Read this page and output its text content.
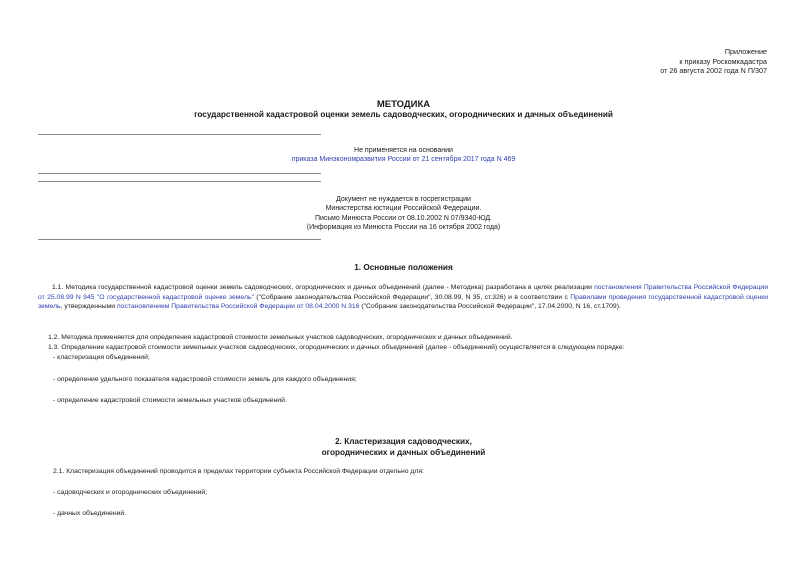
Приложение
к приказу Роскомкадастра
от 26 августа 2002 года N П/307
МЕТОДИКА
государственной кадастровой оценки земель садоводческих, огороднических и дачных объединений
Не применяется на основании
приказа Минэкономразвития России от 21 сентября 2017 года N 469
Документ не нуждается в госрегистрации
Министерства юстиции Российской Федерации.
Письмо Минюста России от 08.10.2002 N 07/9340-ЮД.
(Информация из Минюста России на 16 октября 2002 года)
1. Основные положения
1.1. Методика государственной кадастровой оценки земель садоводческих, огороднических и дачных объединений (далее - Методика) разработана в целях реализации постановления Правительства Российской Федерации от 25.08.99 N 945 "О государственной кадастровой оценке земель" ("Собрание законодательства Российской Федерации", 30.08.99, N 35, ст.326) и в соответствии с Правилами проведения государственной кадастровой оценки земель, утвержденными постановлением Правительства Российской Федерации от 08.04.2000 N 316 ("Собрание законодательства Российской Федерации", 17.04.2000, N 16, ст.1709).
1.2. Методика применяется для определения кадастровой стоимости земельных участков садоводческих, огороднических и дачных объединений.
1.3. Определение кадастровой стоимости земельных участков садоводческих, огороднических и дачных объединений (далее - объединений) осуществляется в следующем порядке:
- кластеризация объединений;
- определение удельного показателя кадастровой стоимости земель для каждого объединения;
- определение кадастровой стоимости земельных участков объединений.
2. Кластеризация садоводческих,
огороднических и дачных объединений
2.1. Кластеризация объединений проводится в пределах территории субъекта Российской Федерации отдельно для:
- садоводческих и огороднических объединений;
- дачных объединений.
